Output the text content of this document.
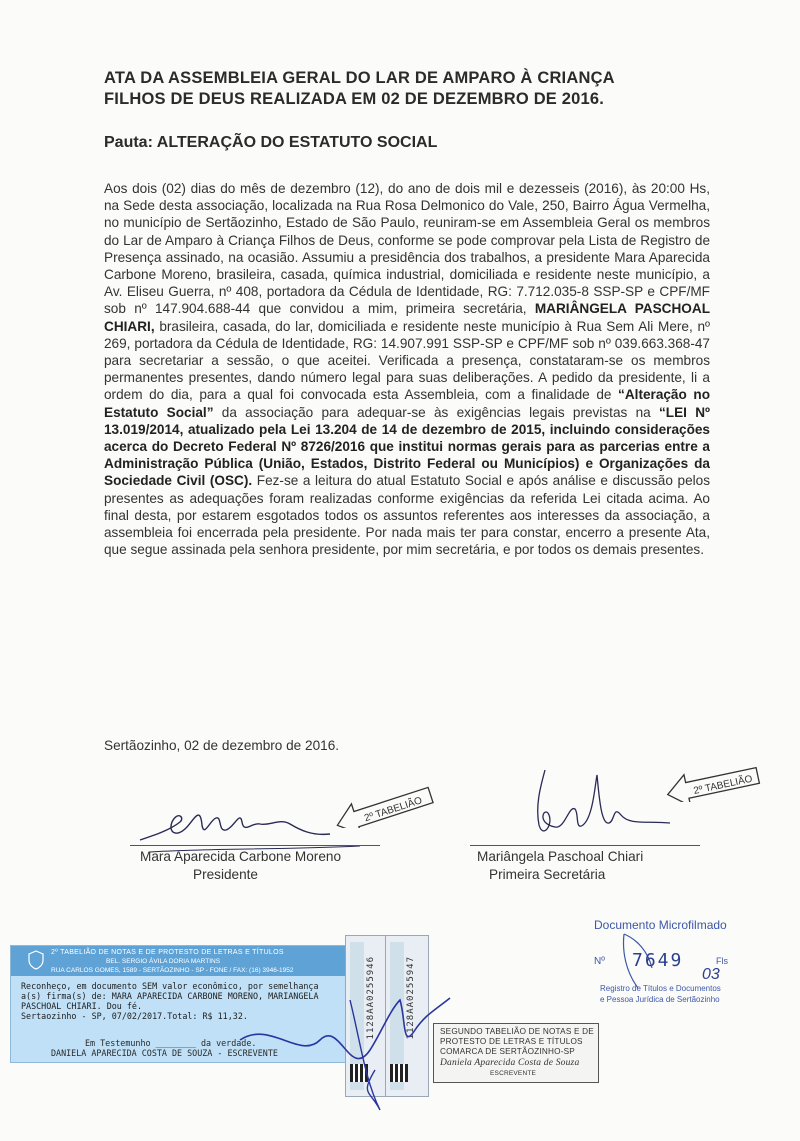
ATA DA ASSEMBLEIA GERAL DO LAR DE AMPARO À CRIANÇA
FILHOS DE DEUS REALIZADA EM 02 DE DEZEMBRO DE 2016.
Pauta: ALTERAÇÃO DO ESTATUTO SOCIAL
Aos dois (02) dias do mês de dezembro (12), do ano de dois mil e dezesseis (2016), às 20:00 Hs, na Sede desta associação, localizada na Rua Rosa Delmonico do Vale, 250, Bairro Água Vermelha, no município de Sertãozinho, Estado de São Paulo, reuniram-se em Assembleia Geral os membros do Lar de Amparo à Criança Filhos de Deus, conforme se pode comprovar pela Lista de Registro de Presença assinado, na ocasião. Assumiu a presidência dos trabalhos, a presidente Mara Aparecida Carbone Moreno, brasileira, casada, química industrial, domiciliada e residente neste município, a Av. Eliseu Guerra, nº 408, portadora da Cédula de Identidade, RG: 7.712.035-8 SSP-SP e CPF/MF sob nº 147.904.688-44 que convidou a mim, primeira secretária, MARIÂNGELA PASCHOAL CHIARI, brasileira, casada, do lar, domiciliada e residente neste município à Rua Sem Ali Mere, nº 269, portadora da Cédula de Identidade, RG: 14.907.991 SSP-SP e CPF/MF sob nº 039.663.368-47 para secretariar a sessão, o que aceitei. Verificada a presença, constataram-se os membros permanentes presentes, dando número legal para suas deliberações. A pedido da presidente, li a ordem do dia, para a qual foi convocada esta Assembleia, com a finalidade de “Alteração no Estatuto Social” da associação para adequar-se às exigências legais previstas na “LEI Nº 13.019/2014, atualizado pela Lei 13.204 de 14 de dezembro de 2015, incluindo considerações acerca do Decreto Federal Nº 8726/2016 que institui normas gerais para as parcerias entre a Administração Pública (União, Estados, Distrito Federal ou Municípios) e Organizações da Sociedade Civil (OSC). Fez-se a leitura do atual Estatuto Social e após análise e discussão pelos presentes as adequações foram realizadas conforme exigências da referida Lei citada acima. Ao final desta, por estarem esgotados todos os assuntos referentes aos interesses da associação, a assembleia foi encerrada pela presidente. Por nada mais ter para constar, encerro a presente Ata, que segue assinada pela senhora presidente, por mim secretária, e por todos os demais presentes.
Sertãozinho, 02 de dezembro de 2016.
Mara Aparecida Carbone Moreno
Presidente
2º TABELIÃO
Mariângela Paschoal Chiari
Primeira Secretária
2º TABELIÃO
Documento Microfilmado
Nº 7649	Fls
03
Registro de Títulos e Documentos
e Pessoa Jurídica de Sertãozinho
2º TABELIÃO DE NOTAS E DE PROTESTO DE LETRAS E TÍTULOS
BEL. SERGIO ÁVILA DORIA MARTINS
RUA CARLOS GOMES, 1589 - SERTÃOZINHO - SP - FONE / FAX: (16) 3946-1952
Reconheço, em documento SEM valor econômico, por semelhança
a(s) firma(s) de: MARA APARECIDA CARBONE MORENO, MARIANGELA
PASCHOAL CHIARI. Dou fé.
Sertaozinho - SP, 07/02/2017.Total: R$ 11,32.
Em Testemunho ________ da verdade.
DANIELA APARECIDA COSTA DE SOUZA - ESCREVENTE
1128AA0255946	1128AA0255947	SEGUNDO TABELIÃO DE NOTAS E DE
PROTESTO DE LETRAS E TÍTULOS
COMARCA DE SERTÃOZINHO-SP
Daniela Aparecida Costa de Souza
ESCREVENTE
